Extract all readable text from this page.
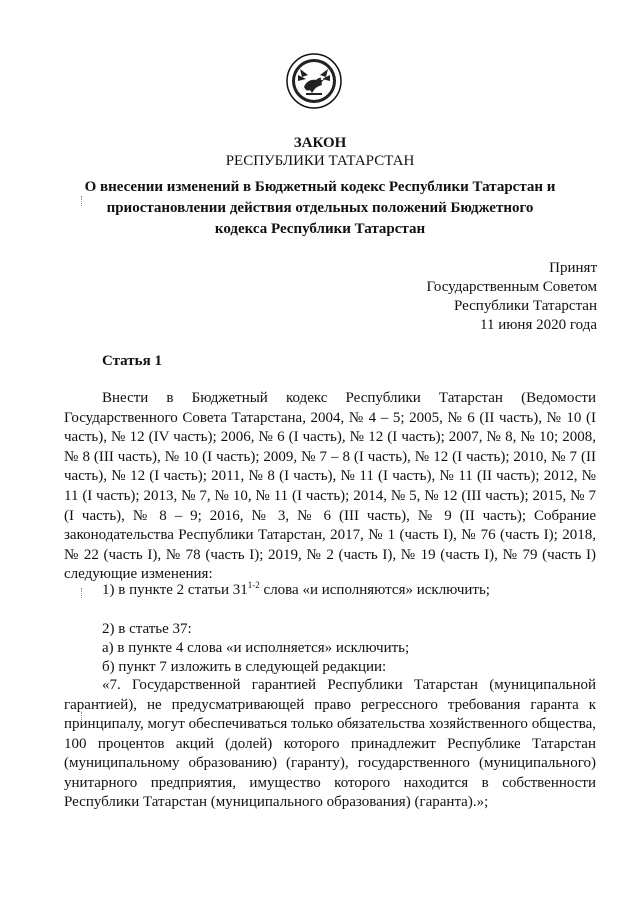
ЗАКОН
РЕСПУБЛИКИ ТАТАРСТАН
О внесении изменений в Бюджетный кодекс Республики Татарстан и приостановлении действия отдельных положений Бюджетного кодекса Республики Татарстан
Принят
Государственным Советом
Республики Татарстан
11 июня 2020 года
Статья 1

Внести в Бюджетный кодекс Республики Татарстан (Ведомости Государственного Совета Татарстана, 2004, № 4 – 5; 2005, № 6 (II часть), № 10 (I часть), № 12 (IV часть); 2006, № 6 (I часть), № 12 (I часть); 2007, № 8, № 10; 2008, № 8 (III часть), № 10 (I часть); 2009, № 7 – 8 (I часть), № 12 (I часть); 2010, № 7 (II часть), № 12 (I часть); 2011, № 8 (I часть), № 11 (I часть), № 11 (II часть); 2012, № 11 (I часть); 2013, № 7, № 10, № 11 (I часть); 2014, № 5, № 12 (III часть); 2015, № 7 (I часть), № 8 – 9; 2016, № 3, № 6 (III часть), № 9 (II часть); Собрание законодательства Республики Татарстан, 2017, № 1 (часть I), № 76 (часть I); 2018, № 22 (часть I), № 78 (часть I); 2019, № 2 (часть I), № 19 (часть I), № 79 (часть I) следующие изменения:

1) в пункте 2 статьи 31$^{1-2}$ слова «и исполняются» исключить;
2) в статье 37:
а) в пункте 4 слова «и исполняется» исключить;
б) пункт 7 изложить в следующей редакции:

«7. Государственной гарантией Республики Татарстан (муниципальной гарантией), не предусматривающей право регрессного требования гаранта к принципалу, могут обеспечиваться только обязательства хозяйственного общества, 100 процентов акций (долей) которого принадлежит Республике Татарстан (муниципальному образованию) (гаранту), государственного (муниципального) унитарного предприятия, имущество которого находится в собственности Республики Татарстан (муниципального образования) (гаранта).»;
